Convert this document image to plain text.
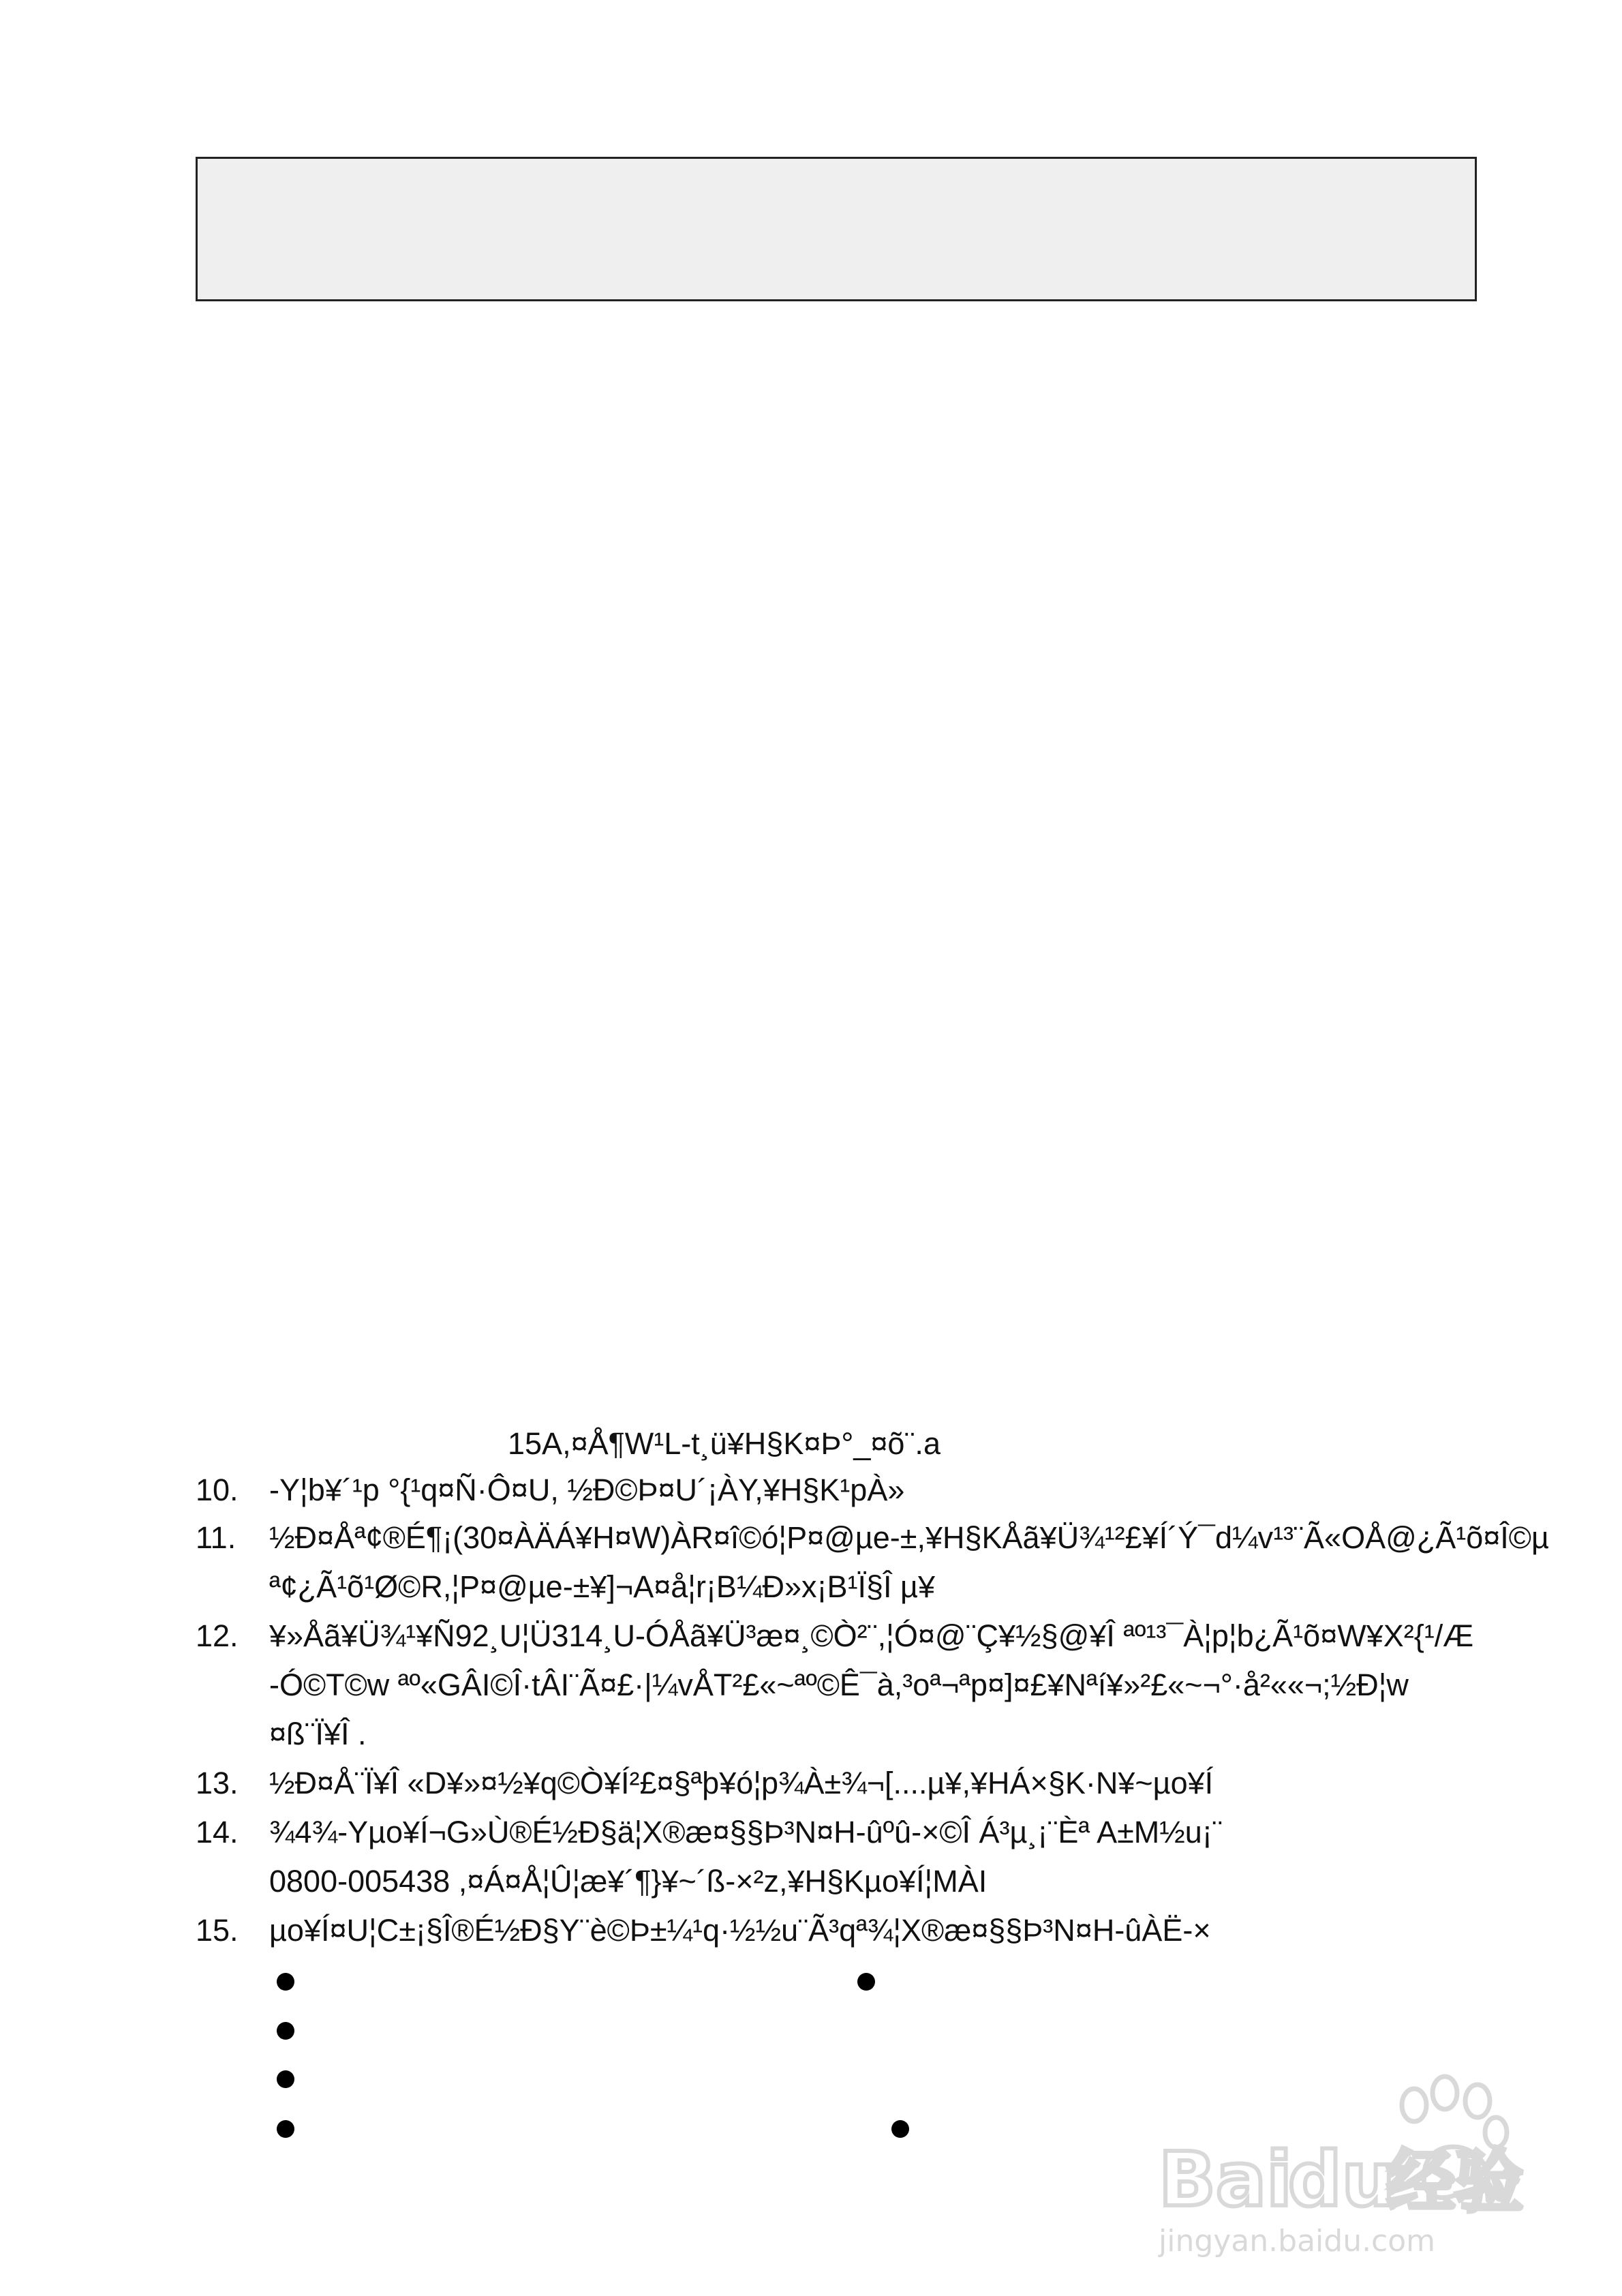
15A,¤Å¶W¹L-t¸ü¥H§K¤Þ°_¤õ¨.a
10. -Y¦b¥´¹p °{¹q¤Ñ·Ô¤U, ½Ð©Þ¤U´¡ÀY,¥H§K¹pÀ»
11. ½Ð¤Åª¢®É¶¡(30¤ÀÄÁ¥H¤W)ÀR¤î©ó¦P¤@µe-±,¥H§KÅã¥Ü¾¹²£¥Í´Ý¯d¼v¹³¨Ã«OÅ@¿Ã¹õ¤Î©µ
ª¢¿Ã¹õ¹Ø©R,¦P¤@µe-±¥]¬A¤å¦r¡B¼Ð»x¡B¹Ï§Î µ¥
12. ¥»Åã¥Ü¾¹¥Ñ92¸U¦Ü314¸U-ÓÅã¥Ü³æ¤¸©Ò²¨,¦Ó¤@¨Ç¥½§@¥Î ªº¹³¯À¦p¦b¿Ã¹õ¤W¥X²{¹/Æ
-Ó©T©w ªº«GÂI©Î·tÂI¨Ã¤£·|¼vÅT²£«~ªº©Ê¯à,³oª¬ªp¤]¤£¥Nªí¥»²£«~¬°·å²««¬;½Ð¦w
¤ß¨Ï¥Î .
13. ½Ð¤Å¨Ï¥Î «D¥»¤½¥q©Ò¥Í²£¤§ªþ¥ó¦p¾À±¾¬[....µ¥,¥HÁ×§K·N¥~µo¥Í
14. ¾4¾-Yµo¥Í¬G»Ù®É½Ð§ä¦X®æ¤§§Þ³N¤H-ûºû-×©Î Á³µ¸¡¨Èª A±M½u¡¨
0800-005438 ,¤Á¤Å¦Û¦æ¥´¶}¥~´ß-×²z,¥H§Kµo¥Í¦MÀI
15. µo¥Í¤U¦C±¡§Î®É½Ð§Y¨è©Þ±¼¹q·½½u¨Ã³qª¾¦X®æ¤§§Þ³N¤H-ûÀË-×
Bai
du
经验
jingyan.baidu.com
